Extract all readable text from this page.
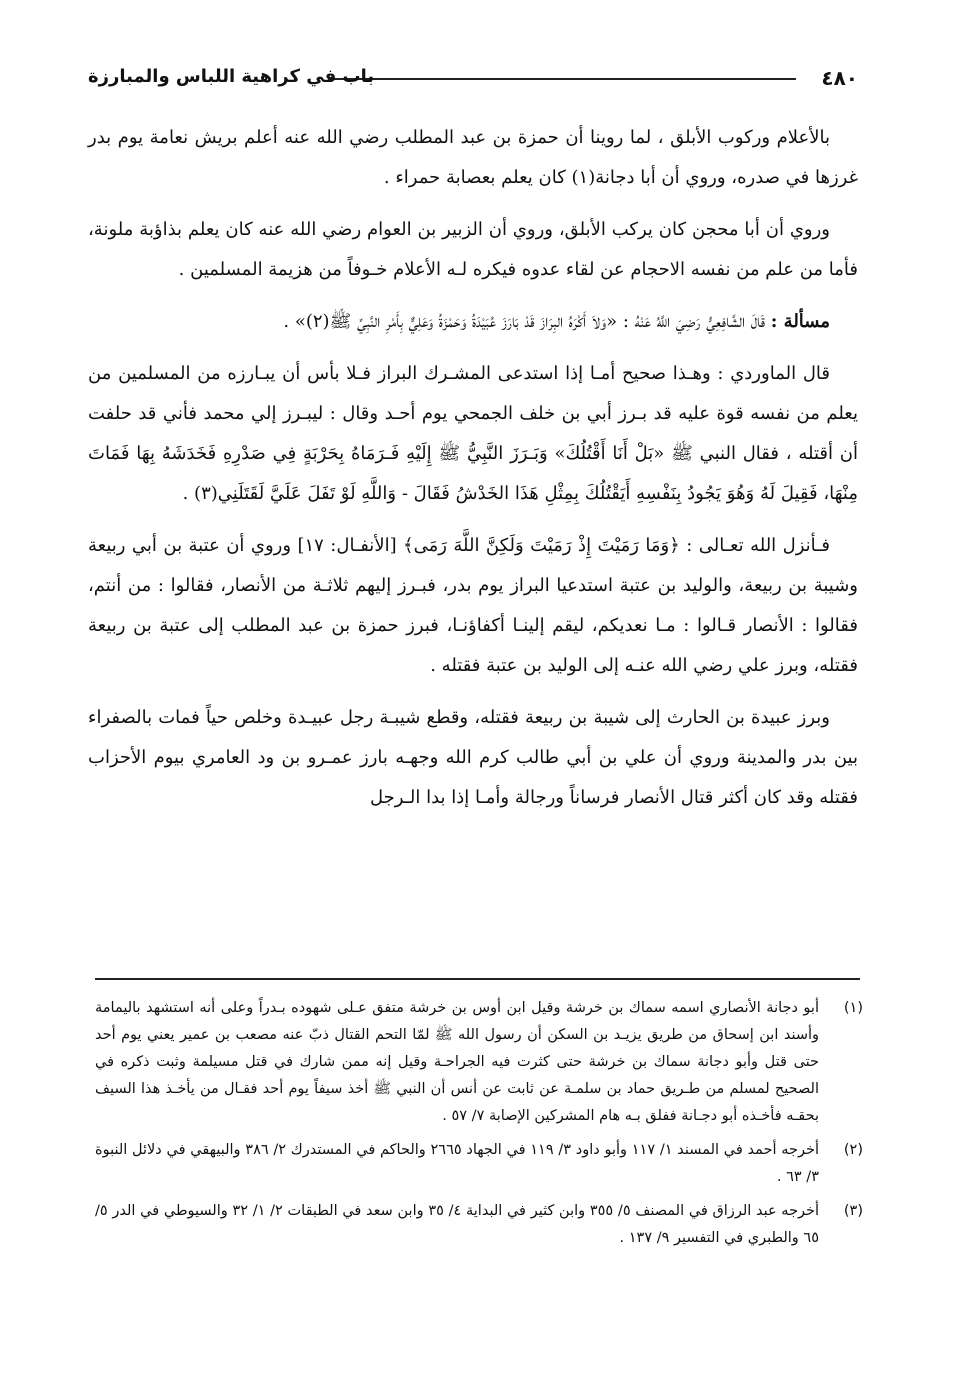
٤٨٠
باب في كراهية اللباس والمبارزة

بالأعلام وركوب الأبلق ، لما روينا أن حمزة بن عبد المطلب رضي الله عنه أعلم بريش نعامة يوم بدر غرزها في صدره، وروي أن أبا دجانة(١) كان يعلم بعصابة حمراء .

وروي أن أبا محجن كان يركب الأبلق، وروي أن الزبير بن العوام رضي الله عنه كان يعلم بذاؤبة ملونة، فأما من علم من نفسه الاحجام عن لقاء عدوه فيكره لـه الأعلام خـوفاً من هزيمة المسلمين .

مسألة : قَالَ الشَّافِعِيُّ رَضِيَ اللَّهُ عَنْهُ : «وَلاَ أَكْرَهُ البِرَازَ قَدْ بَارَزَ عُبَيْدَةُ وَحَمْزَةُ وَعَلِيٌّ بِأَمْرِ النَّبِيِّ ﷺ(٢)» .

قال الماوردي : وهـذا صحيح أمـا إذا استدعى المشـرك البراز فـلا بأس أن يبـارزه من المسلمين من يعلم من نفسه قوة عليه قد بـرز أبي بن خلف الجمحي يوم أحـد وقال : ليبـرز إلي محمد فأني قد حلفت أن أقتله ، فقال النبي ﷺ «بَلْ أَنَا أَقْتُلُكَ» وَبَـرَزَ النَّبِيُّ ﷺ إِلَيْهِ فَـرَمَاهُ بِحَرْبَةٍ فِي صَدْرِهِ فَخَدَشَهُ بِهَا فَمَاتَ مِنْهَا، فَقِيلَ لَهُ وَهُوَ يَجُودُ بِنَفْسِهِ أَيَقْتُلُكَ بِمِثْلِ هَذَا الخَدْشُ فَقَالَ - وَاللَّهِ لَوْ تَفَلَ عَلَيَّ لَقَتَلَنِي(٣) .

فـأنزل الله تعـالى : ﴿وَمَا رَمَيْتَ إِذْ رَمَيْتَ وَلَكِنَّ اللَّهَ رَمَى﴾ [الأنفـال: ١٧] وروي أن عتبة بن أبي ربيعة وشيبة بن ربيعة، والوليد بن عتبة استدعيا البراز يوم بدر، فبـرز إليهم ثلاثـة من الأنصار، فقالوا : من أنتم، فقالوا : الأنصار قـالوا : مـا نعديكم، ليقم إلينـا أكفاؤنـا، فبرز حمزة بن عبد المطلب إلى عتبة بن ربيعة فقتله، وبرز علي رضي الله عنـه إلى الوليد بن عتبة فقتله .

وبرز عبيدة بن الحارث إلى شيبة بن ربيعة فقتله، وقطع شيبـة رجل عبيـدة وخلص حياً فمات بالصفراء بين بدر والمدينة وروي أن علي بن أبي طالب كرم الله وجهـه بارز عمـرو بن ود العامري بيوم الأحزاب فقتله وقد كان أكثر قتال الأنصار فرساناً ورجالة وأمـا إذا بدا الـرجل

(١)
أبو دجانة الأنصاري اسمه سماك بن خرشة وقيل ابن أوس بن خرشة متفق عـلى شهوده بـدراً وعلى أنه استشهد باليمامة وأسند ابن إسحاق من طريق يزيـد بن السكن أن رسول الله ﷺ لمّا التحم القتال ذبّ عنه مصعب بن عمير يعني يوم أحد حتى قتل وأبو دجانة سماك بن خرشة حتى كثرت فيه الجراحـة وقيل إنه ممن شارك في قتل مسيلمة وثبت ذكره في الصحيح لمسلم من طـريق حماد بن سلمـة عن ثابت عن أنس أن النبي ﷺ أخذ سيفاً يوم أحد فقـال من يأخـذ هذا السيف بحقـه فأخـذه أبو دجـانة ففلق بـه هام المشركين الإصابة ٧/ ٥٧ .
(٢)
أخرجه أحمد في المسند ١/ ١١٧ وأبو داود ٣/ ١١٩ في الجهاد ٢٦٦٥ والحاكم في المستدرك ٢/ ٣٨٦ والبيهقي في دلائل النبوة ٣/ ٦٣ .
(٣)
أخرجه عبد الرزاق في المصنف ٥/ ٣٥٥ وابن كثير في البداية ٤/ ٣٥ وابن سعد في الطبقات ٢/ ١/ ٣٢ والسيوطي في الدر ٥/ ٦٥ والطبري في التفسير ٩/ ١٣٧ .
